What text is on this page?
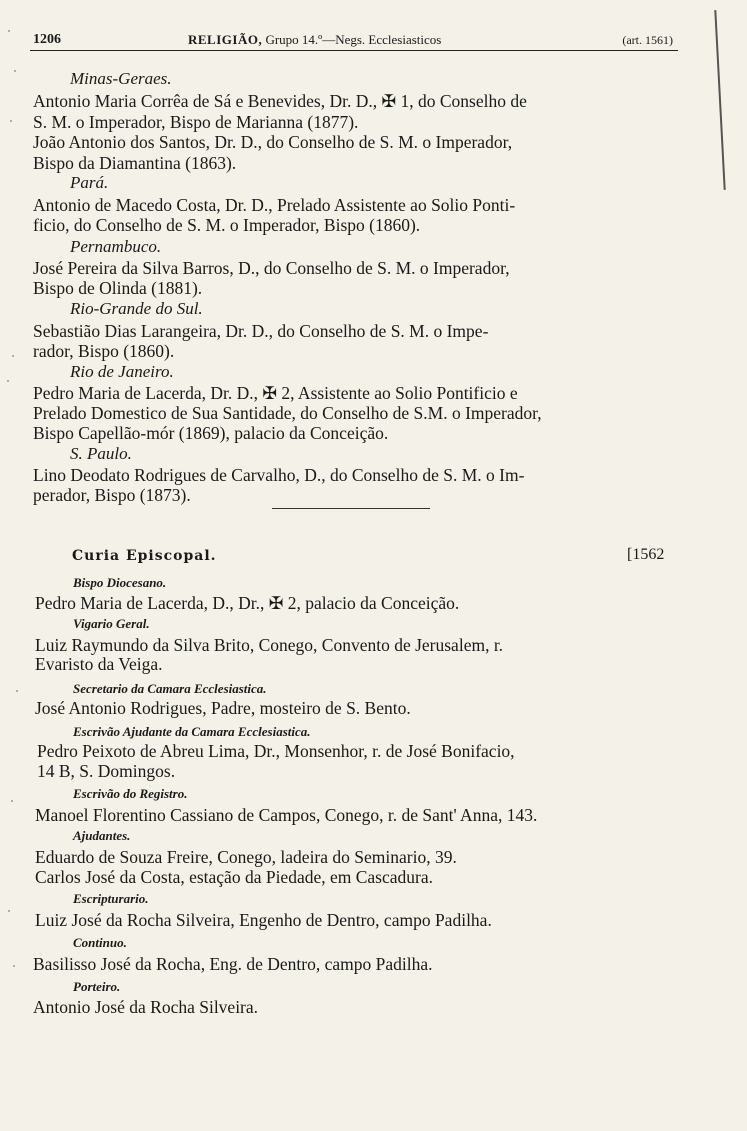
1206	RELIGIÃO, Grupo 14.º—Negs. Ecclesiasticos	(art. 1561)
Minas-Geraes.
Antonio Maria Corrêa de Sá e Benevides, Dr. D., ✠ 1, do Conselho de
S. M. o Imperador, Bispo de Marianna (1877).
João Antonio dos Santos, Dr. D., do Conselho de S. M. o Imperador,
Bispo da Diamantina (1863).
Pará.
Antonio de Macedo Costa, Dr. D., Prelado Assistente ao Solio Ponti-
ficio, do Conselho de S. M. o Imperador, Bispo (1860).
Pernambuco.
José Pereira da Silva Barros, D., do Conselho de S. M. o Imperador,
Bispo de Olinda (1881).
Rio-Grande do Sul.
Sebastião Dias Larangeira, Dr. D., do Conselho de S. M. o Impe-
rador, Bispo (1860).
Rio de Janeiro.
Pedro Maria de Lacerda, Dr. D., ✠ 2, Assistente ao Solio Pontificio e
Prelado Domestico de Sua Santidade, do Conselho de S.M. o Imperador,
Bispo Capellão-mór (1869), palacio da Conceição.
S. Paulo.
Lino Deodato Rodrigues de Carvalho, D., do Conselho de S. M. o Im-
perador, Bispo (1873).
Curia Episcopal.	[1562
Bispo Diocesano.
Pedro Maria de Lacerda, D., Dr., ✠ 2, palacio da Conceição.
Vigario Geral.
Luiz Raymundo da Silva Brito, Conego, Convento de Jerusalem, r.
Evaristo da Veiga.
Secretario da Camara Ecclesiastica.
José Antonio Rodrigues, Padre, mosteiro de S. Bento.
Escrivão Ajudante da Camara Ecclesiastica.
Pedro Peixoto de Abreu Lima, Dr., Monsenhor, r. de José Bonifacio,
14 B, S. Domingos.
Escrivão do Registro.
Manoel Florentino Cassiano de Campos, Conego, r. de Sant' Anna, 143.
Ajudantes.
Eduardo de Souza Freire, Conego, ladeira do Seminario, 39.
Carlos José da Costa, estação da Piedade, em Cascadura.
Escripturario.
Luiz José da Rocha Silveira, Engenho de Dentro, campo Padilha.
Continuo.
Basilisso José da Rocha, Eng. de Dentro, campo Padilha.
Porteiro.
Antonio José da Rocha Silveira.
